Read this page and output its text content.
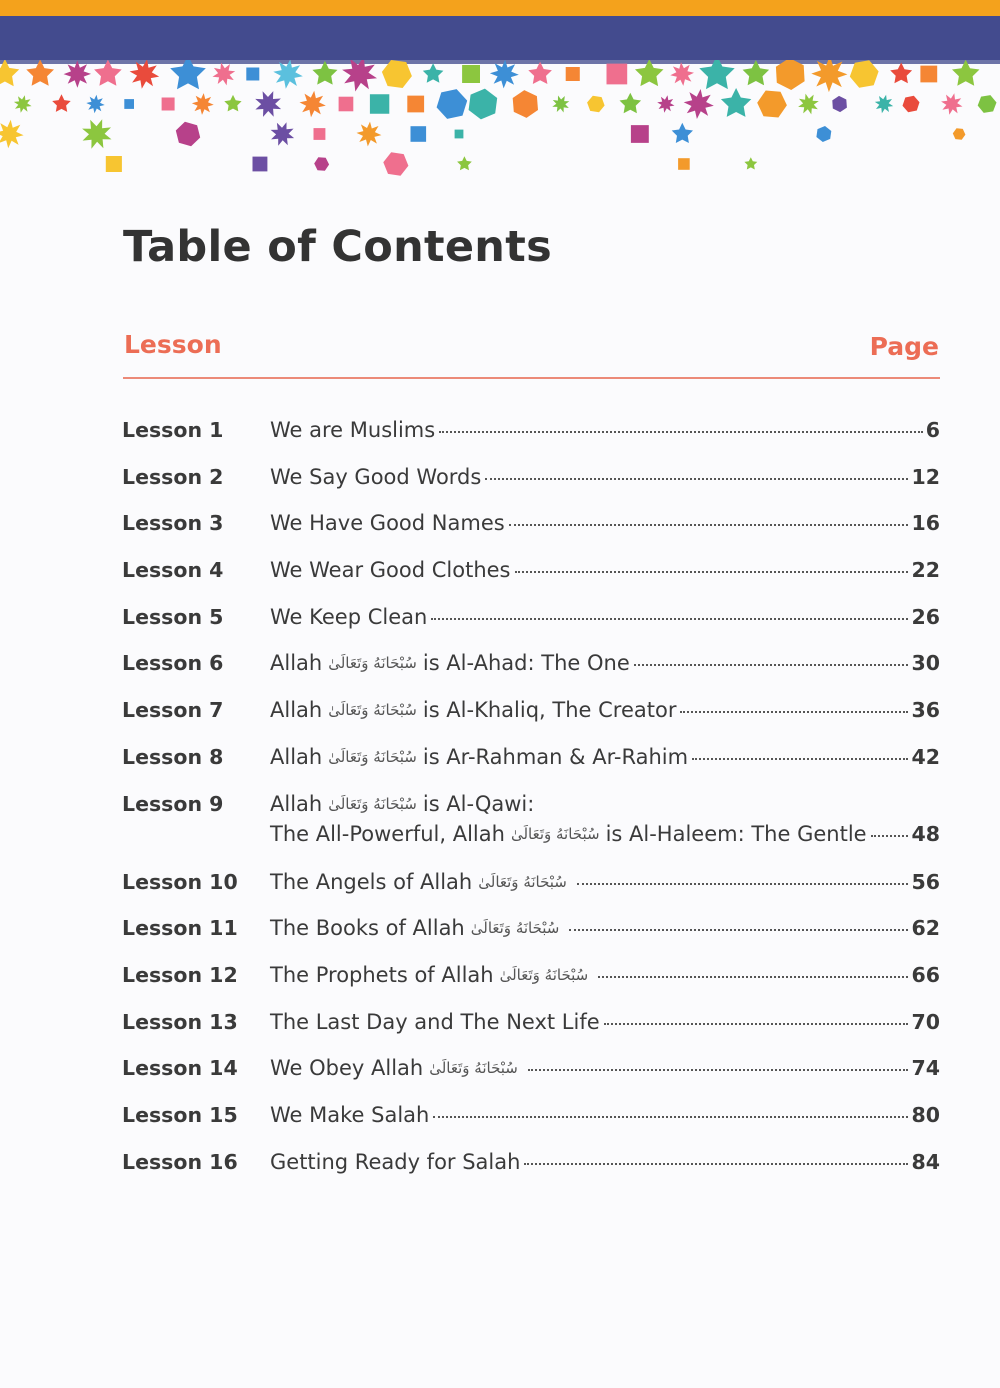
Table of Contents
Lesson	Page
Lesson 1 We are Muslims	6
Lesson 2 We Say Good Words	12
Lesson 3 We Have Good Names	16
Lesson 4 We Wear Good Clothes	22
Lesson 5 We Keep Clean	26
Lesson 6 Allah سُبْحَانَهُ وَتَعَالَىٰ is Al-Ahad: The One	30
Lesson 7 Allah سُبْحَانَهُ وَتَعَالَىٰ is Al-Khaliq, The Creator	36
Lesson 8 Allah سُبْحَانَهُ وَتَعَالَىٰ is Ar-Rahman & Ar-Rahim	42
Lesson 9 Allah سُبْحَانَهُ وَتَعَالَىٰ is Al-Qawi:
The All-Powerful, Allah سُبْحَانَهُ وَتَعَالَىٰ is Al-Haleem: The Gentle 48
Lesson 10 The Angels of Allah سُبْحَانَهُ وَتَعَالَىٰ	56
Lesson 11 The Books of Allah سُبْحَانَهُ وَتَعَالَىٰ	62
Lesson 12 The Prophets of Allah سُبْحَانَهُ وَتَعَالَىٰ	66
Lesson 13 The Last Day and The Next Life	70
Lesson 14 We Obey Allah سُبْحَانَهُ وَتَعَالَىٰ	74
Lesson 15 We Make Salah	80
Lesson 16 Getting Ready for Salah	84
